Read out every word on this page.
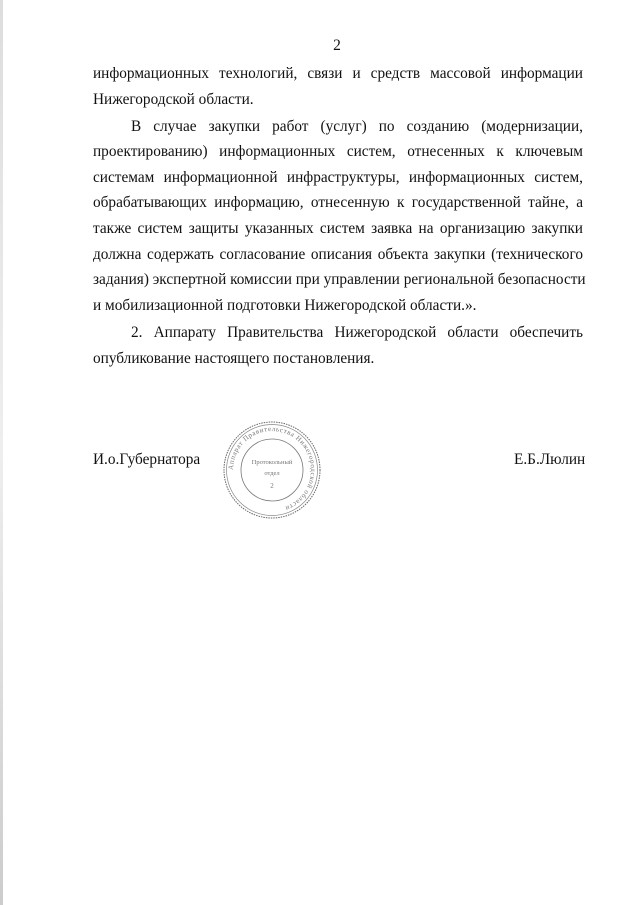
2
информационных технологий, связи и средств массовой информации
Нижегородской области.
В случае закупки работ (услуг) по созданию (модернизации,
проектированию) информационных систем, отнесенных к ключевым
системам информационной инфраструктуры, информационных систем,
обрабатывающих информацию, отнесенную к государственной тайне, а
также систем защиты указанных систем заявка на организацию закупки
должна содержать согласование описания объекта закупки (технического
задания) экспертной комиссии при управлении региональной безопасности
и мобилизационной подготовки Нижегородской области.».
2. Аппарату Правительства Нижегородской области обеспечить
опубликование настоящего постановления.
Аппарат Правительства Нижегородской области
Протокольный
отдел
2
И.о.Губернатора	Е.Б.Люлин
